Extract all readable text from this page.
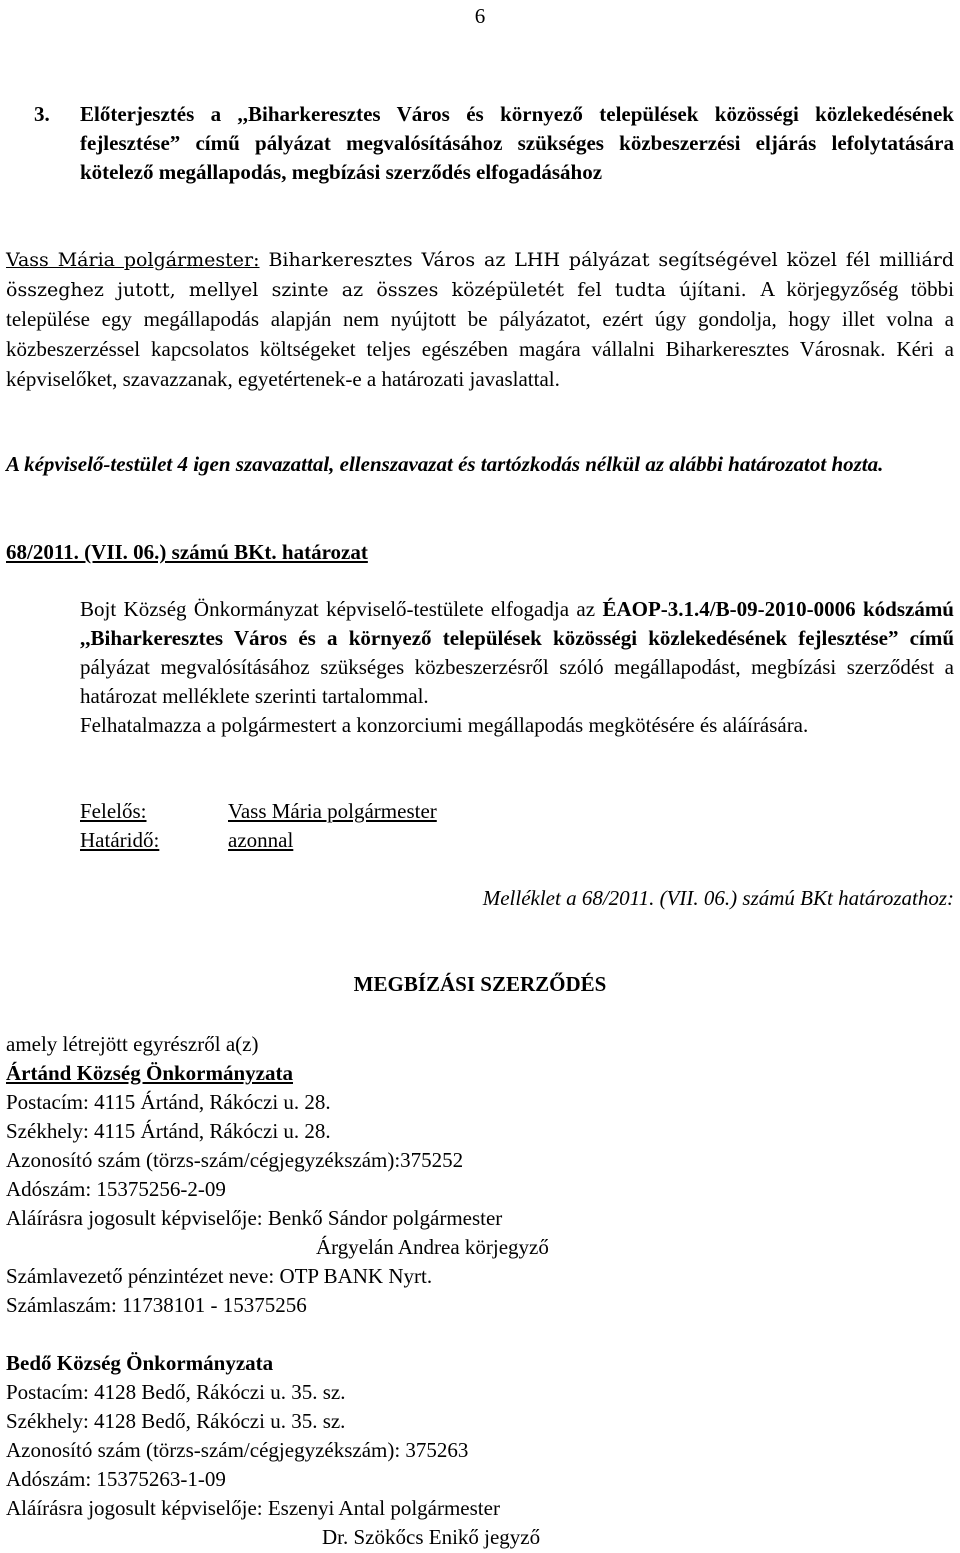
6
3. Előterjesztés a ,,Biharkeresztes Város és környező települések közösségi közlekedésének fejlesztése” című pályázat megvalósításához szükséges közbeszerzési eljárás lefolytatására kötelező megállapodás, megbízási szerződés elfogadásához
Vass Mária polgármester: Biharkeresztes Város az LHH pályázat segítségével közel fél milliárd összeghez jutott, mellyel szinte az összes középületét fel tudta újítani. A körjegyzőség többi települése egy megállapodás alapján nem nyújtott be pályázatot, ezért úgy gondolja, hogy illet volna a közbeszerzéssel kapcsolatos költségeket teljes egészében magára vállalni Biharkeresztes Városnak. Kéri a képviselőket, szavazzanak, egyetértenek-e a határozati javaslattal.
A képviselő-testület 4 igen szavazattal, ellenszavazat és tartózkodás nélkül az alábbi határozatot hozta.
68/2011. (VII. 06.) számú BKt. határozat
Bojt Község Önkormányzat képviselő-testülete elfogadja az ÉAOP-3.1.4/B-09-2010-0006 kódszámú ,,Biharkeresztes Város és a környező települések közösségi közlekedésének fejlesztése” című pályázat megvalósításához szükséges közbeszerzésről szóló megállapodást, megbízási szerződést a határozat melléklete szerinti tartalommal.
Felhatalmazza a polgármestert a konzorciumi megállapodás megkötésére és aláírására.
Felelős:	Vass Mária polgármester
Határidő:	azonnal
Melléklet a 68/2011. (VII. 06.) számú BKt határozathoz:
MEGBÍZÁSI SZERZŐDÉS
amely létrejött egyrészről a(z)
Ártánd Község Önkormányzata
Postacím: 4115 Ártánd, Rákóczi u. 28.
Székhely: 4115 Ártánd, Rákóczi u. 28.
Azonosító szám (törzs-szám/cégjegyzékszám):375252
Adószám: 15375256-2-09
Aláírásra jogosult képviselője: Benkő Sándor polgármester
Árgyelán Andrea körjegyző
Számlavezető pénzintézet neve: OTP BANK Nyrt.
Számlaszám: 11738101 - 15375256
Bedő Község Önkormányzata
Postacím: 4128 Bedő, Rákóczi u. 35. sz.
Székhely: 4128 Bedő, Rákóczi u. 35. sz.
Azonosító szám (törzs-szám/cégjegyzékszám): 375263
Adószám: 15375263-1-09
Aláírásra jogosult képviselője: Eszenyi Antal polgármester
Dr. Szökőcs Enikő jegyző
